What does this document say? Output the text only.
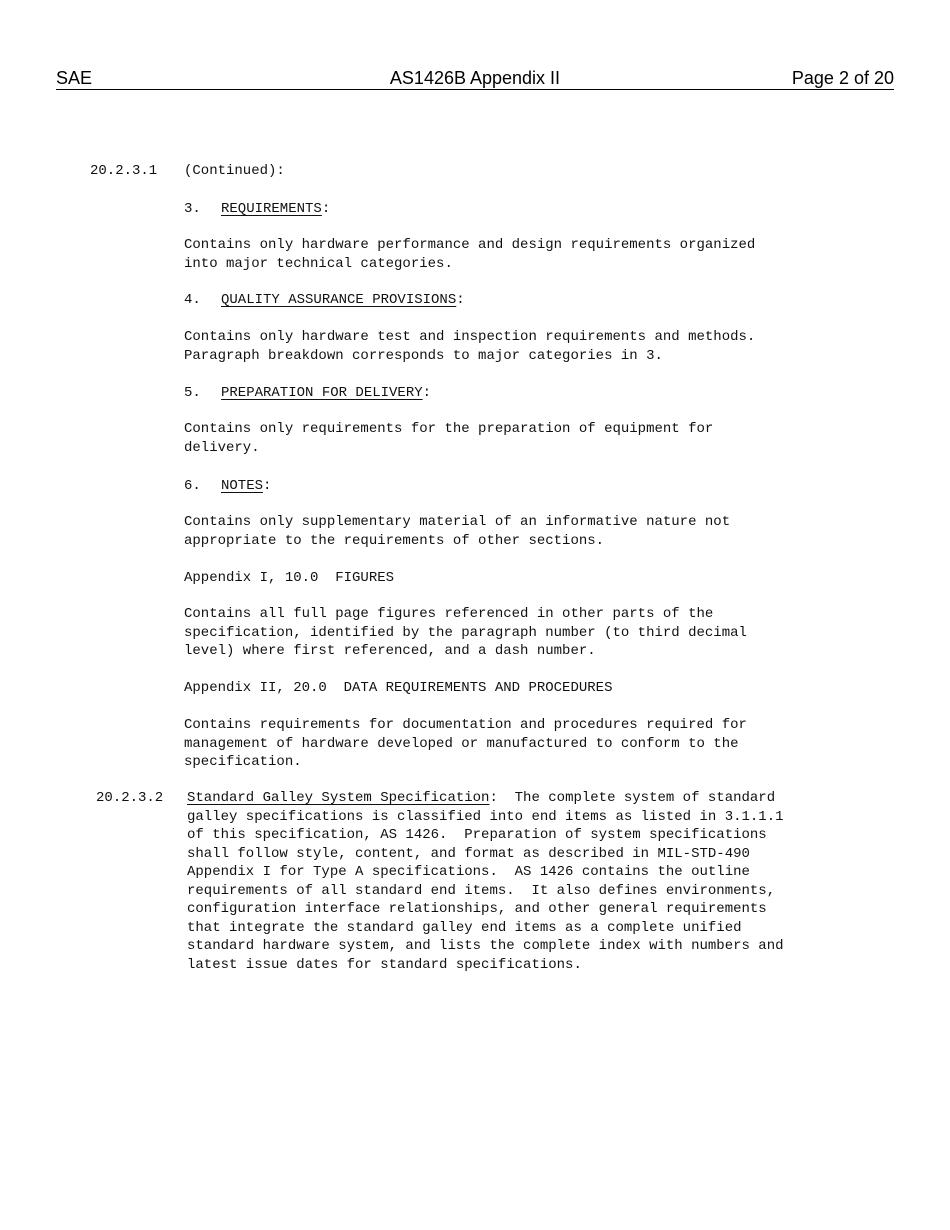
AS1426B Appendix II
SAE	Page 2 of 20
20.2.3.1 (Continued):
3. REQUIREMENTS:
Contains only hardware performance and design requirements organized
into major technical categories.
4. QUALITY ASSURANCE PROVISIONS:
Contains only hardware test and inspection requirements and methods.
Paragraph breakdown corresponds to major categories in 3.
5. PREPARATION FOR DELIVERY:
Contains only requirements for the preparation of equipment for
delivery.
6. NOTES:
Contains only supplementary material of an informative nature not
appropriate to the requirements of other sections.
Appendix I, 10.0  FIGURES
Contains all full page figures referenced in other parts of the
specification, identified by the paragraph number (to third decimal
level) where first referenced, and a dash number.
Appendix II, 20.0  DATA REQUIREMENTS AND PROCEDURES
Contains requirements for documentation and procedures required for
management of hardware developed or manufactured to conform to the
specification.
20.2.3.2 Standard Galley System Specification:  The complete system of standard
galley specifications is classified into end items as listed in 3.1.1.1
of this specification, AS 1426.  Preparation of system specifications
shall follow style, content, and format as described in MIL-STD-490
Appendix I for Type A specifications.  AS 1426 contains the outline
requirements of all standard end items.  It also defines environments,
configuration interface relationships, and other general requirements
that integrate the standard galley end items as a complete unified
standard hardware system, and lists the complete index with numbers and
latest issue dates for standard specifications.
